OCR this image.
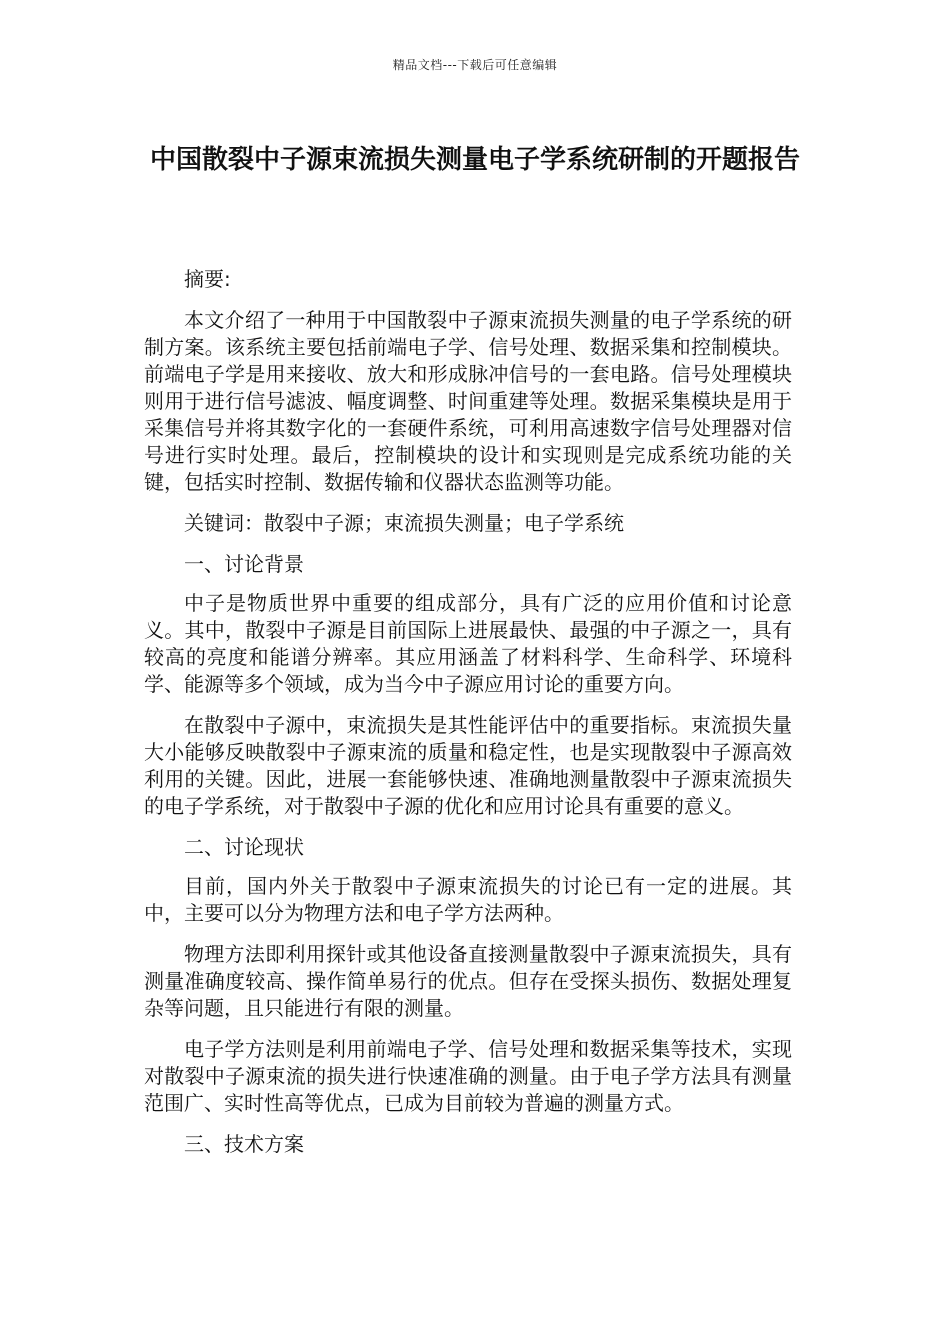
精品文档---下载后可任意编辑
中国散裂中子源束流损失测量电子学系统研制的开题报告

摘要:

本文介绍了一种用于中国散裂中子源束流损失测量的电子学系统的研制方案。该系统主要包括前端电子学、信号处理、数据采集和控制模块。前端电子学是用来接收、放大和形成脉冲信号的一套电路。信号处理模块则用于进行信号滤波、幅度调整、时间重建等处理。数据采集模块是用于采集信号并将其数字化的一套硬件系统，可利用高速数字信号处理器对信号进行实时处理。最后，控制模块的设计和实现则是完成系统功能的关键，包括实时控制、数据传输和仪器状态监测等功能。

关键词：散裂中子源；束流损失测量；电子学系统

一、讨论背景

中子是物质世界中重要的组成部分，具有广泛的应用价值和讨论意义。其中，散裂中子源是目前国际上进展最快、最强的中子源之一，具有较高的亮度和能谱分辨率。其应用涵盖了材料科学、生命科学、环境科学、能源等多个领域，成为当今中子源应用讨论的重要方向。

在散裂中子源中，束流损失是其性能评估中的重要指标。束流损失量大小能够反映散裂中子源束流的质量和稳定性，也是实现散裂中子源高效利用的关键。因此，进展一套能够快速、准确地测量散裂中子源束流损失的电子学系统，对于散裂中子源的优化和应用讨论具有重要的意义。

二、讨论现状

目前，国内外关于散裂中子源束流损失的讨论已有一定的进展。其中，主要可以分为物理方法和电子学方法两种。

物理方法即利用探针或其他设备直接测量散裂中子源束流损失，具有测量准确度较高、操作简单易行的优点。但存在受探头损伤、数据处理复杂等问题，且只能进行有限的测量。

电子学方法则是利用前端电子学、信号处理和数据采集等技术，实现对散裂中子源束流的损失进行快速准确的测量。由于电子学方法具有测量范围广、实时性高等优点，已成为目前较为普遍的测量方式。

三、技术方案
